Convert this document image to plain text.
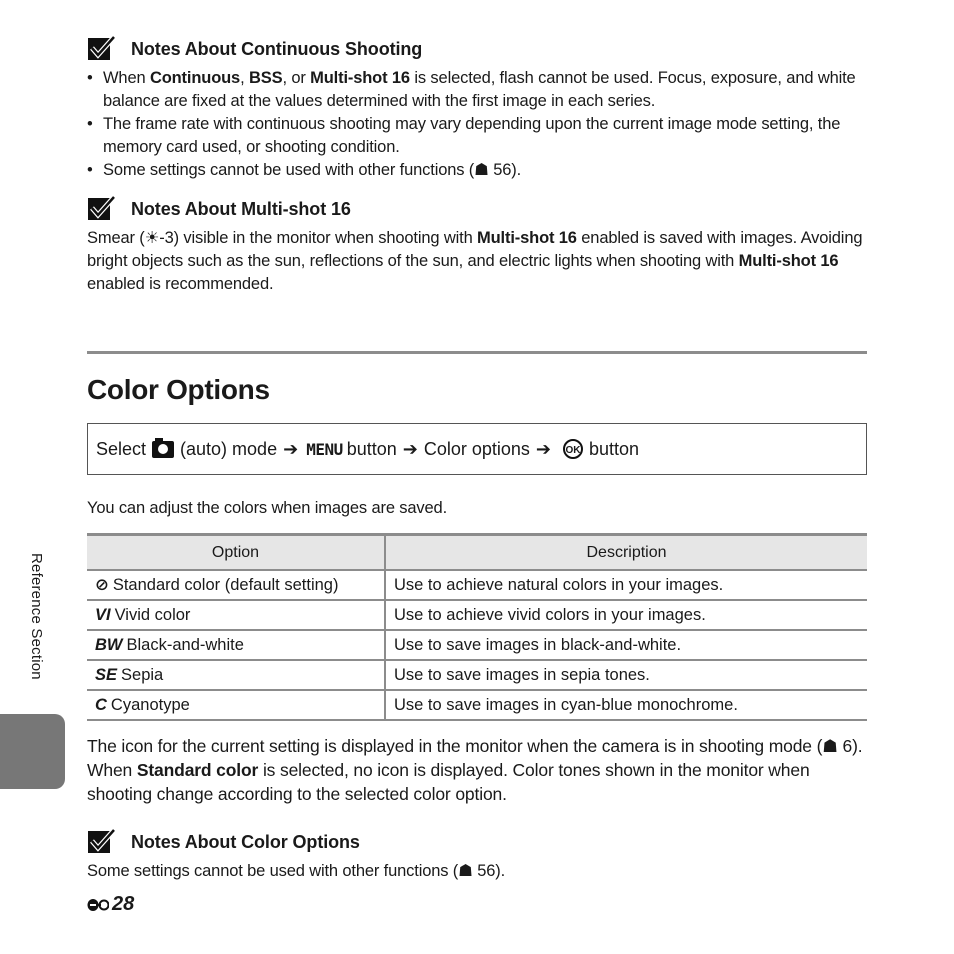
Notes About Continuous Shooting
• When Continuous, BSS, or Multi-shot 16 is selected, flash cannot be used. Focus, exposure, and white balance are fixed at the values determined with the first image in each series.
• The frame rate with continuous shooting may vary depending upon the current image mode setting, the memory card used, or shooting condition.
• Some settings cannot be used with other functions (☗ 56).
Notes About Multi-shot 16

Smear (☀-3) visible in the monitor when shooting with Multi-shot 16 enabled is saved with images. Avoiding bright objects such as the sun, reflections of the sun, and electric lights when shooting with Multi-shot 16 enabled is recommended.

Color Options
Select (auto) mode ➔ MENU button ➔ Color options ➔ OK button

You can adjust the colors when images are saved.

Option	Description
⊘ Standard color (default setting)	Use to achieve natural colors in your images.
VI Vivid color	Use to achieve vivid colors in your images.
BW Black-and-white	Use to save images in black-and-white.
SE Sepia	Use to save images in sepia tones.
C Cyanotype	Use to save images in cyan-blue monochrome.

The icon for the current setting is displayed in the monitor when the camera is in shooting mode (☗ 6). When Standard color is selected, no icon is displayed. Color tones shown in the monitor when shooting change according to the selected color option.

Notes About Color Options

Some settings cannot be used with other functions (☗ 56).

Reference Section
28
